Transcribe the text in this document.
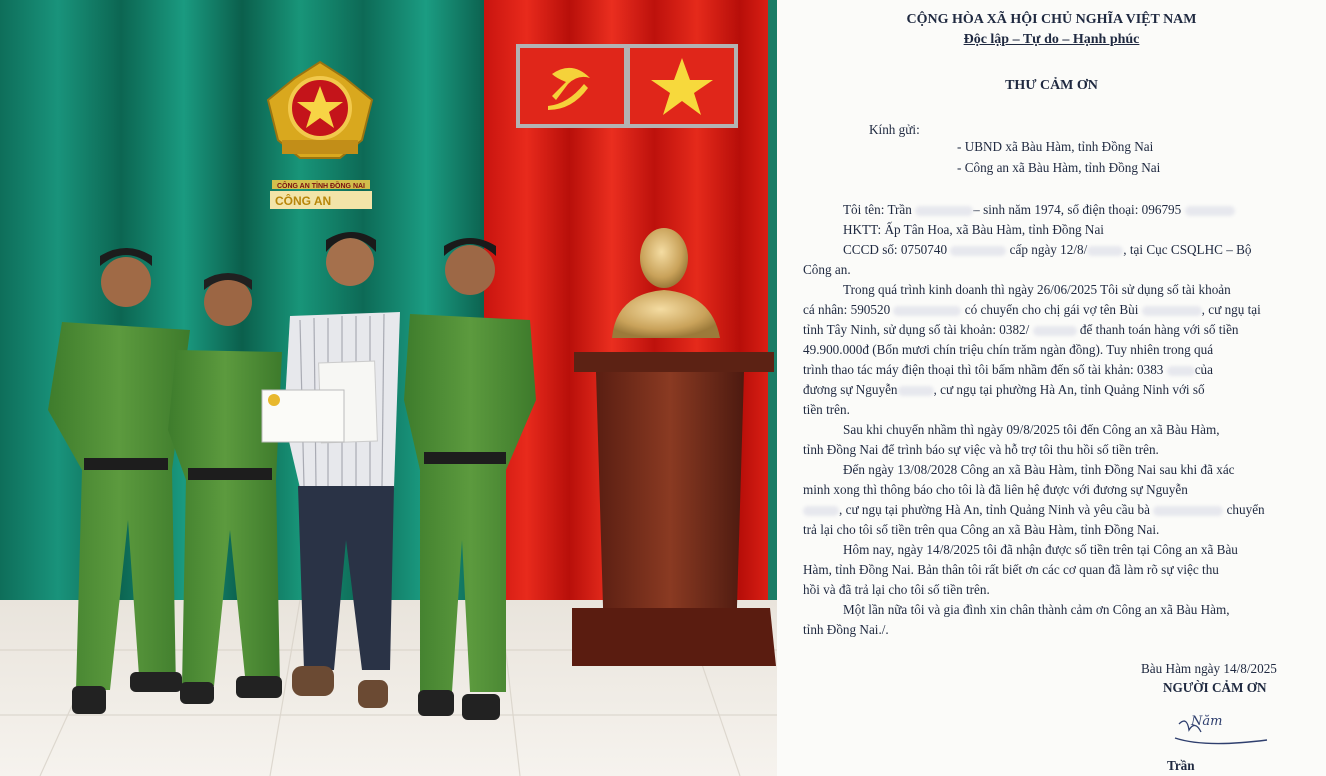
CÔNG AN TỈNH ĐỒNG NAI
CÔNG AN
CỘNG HÒA XÃ HỘI CHỦ NGHĨA VIỆT NAM
Độc lập – Tự do – Hạnh phúc
THƯ CẢM ƠN
Kính gửi:
- UBND xã Bàu Hàm, tỉnh Đồng Nai
- Công an xã Bàu Hàm, tỉnh Đồng Nai
Tôi tên: Trần	– sinh năm 1974, số điện thoại: 096795
HKTT: Ấp Tân Hoa, xã Bàu Hàm, tỉnh Đồng Nai
CCCD số: 0750740	cấp ngày 12/8/	, tại Cục CSQLHC – Bộ
Công an.
Trong quá trình kinh doanh thì ngày 26/06/2025 Tôi sử dụng số tài khoản
cá nhân: 590520	có chuyển cho chị gái vợ tên Bùi	, cư ngụ tại
tỉnh Tây Ninh, sử dụng số tài khoản: 0382/	để thanh toán hàng với số tiền
49.900.000đ (Bốn mươi chín triệu chín trăm ngàn đồng). Tuy nhiên trong quá
trình thao tác máy điện thoại thì tôi bấm nhầm đến số tài khản: 0383 của
đương sự Nguyễn	, cư ngụ tại phường Hà An, tỉnh Quảng Ninh với số
tiền trên.
Sau khi chuyển nhầm thì ngày 09/8/2025 tôi đến Công an xã Bàu Hàm,
tỉnh Đồng Nai để trình báo sự việc và hỗ trợ tôi thu hồi số tiền trên.
Đến ngày 13/08/2028 Công an xã Bàu Hàm, tỉnh Đồng Nai sau khi đã xác
minh xong thì thông báo cho tôi là đã liên hệ được với đương sự Nguyễn
, cư ngụ tại phường Hà An, tỉnh Quảng Ninh và yêu cầu bà	chuyển
trả lại cho tôi số tiền trên qua Công an xã Bàu Hàm, tỉnh Đồng Nai.
Hôm nay, ngày 14/8/2025 tôi đã nhận được số tiền trên tại Công an xã Bàu
Hàm, tỉnh Đồng Nai. Bản thân tôi rất biết ơn các cơ quan đã làm rõ sự việc thu
hồi và đã trả lại cho tôi số tiền trên.
Một lần nữa tôi và gia đình xin chân thành cảm ơn Công an xã Bàu Hàm,
tỉnh Đồng Nai./.
Bàu Hàm ngày 14/8/2025
NGƯỜI CẢM ƠN
Năm
Trần
